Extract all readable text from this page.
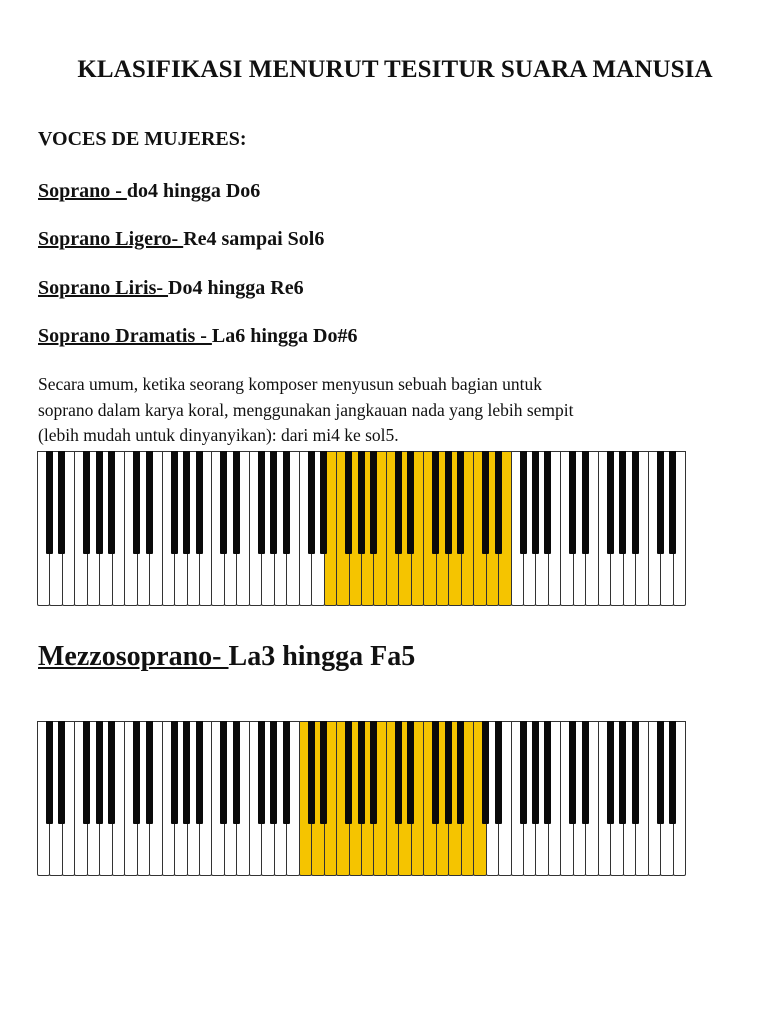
KLASIFIKASI MENURUT TESITUR SUARA MANUSIA
VOCES DE MUJERES:
Soprano - do4 hingga Do6
Soprano Ligero- Re4 sampai Sol6
Soprano Liris- Do4 hingga Re6
Soprano Dramatis - La6 hingga Do#6
Secara umum, ketika seorang komposer menyusun sebuah bagian untuk
soprano dalam karya koral, menggunakan jangkauan nada yang lebih sempit
(lebih mudah untuk dinyanyikan): dari mi4 ke sol5.
Mezzosoprano- La3 hingga Fa5
